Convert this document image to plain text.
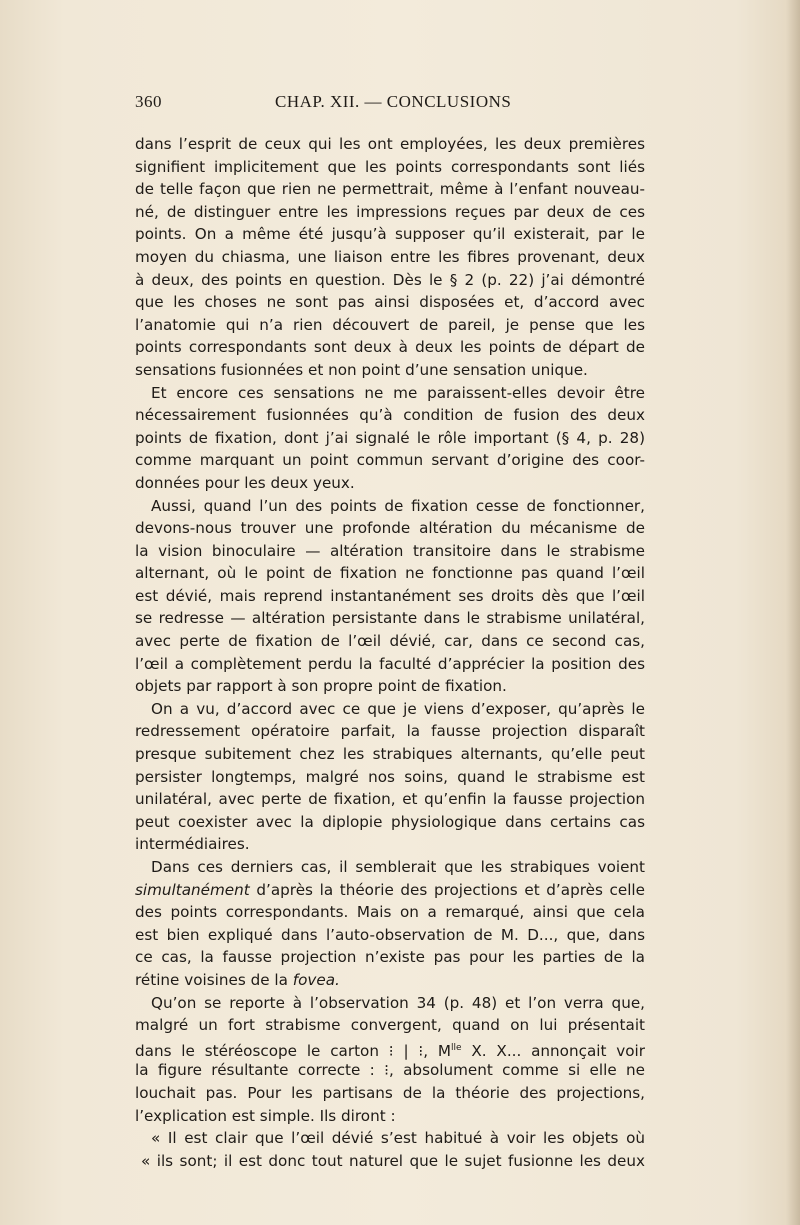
360	CHAP. XII. — CONCLUSIONS
dans l’esprit de ceux qui les ont employées, les deux premières
signifient implicitement que les points correspondants sont liés
de telle façon que rien ne permettrait, même à l’enfant nouveau-
né, de distinguer entre les impressions reçues par deux de ces
points. On a même été jusqu’à supposer qu’il existerait, par le
moyen du chiasma, une liaison entre les fibres provenant, deux
à deux, des points en question. Dès le § 2 (p. 22) j’ai démontré
que les choses ne sont pas ainsi disposées et, d’accord avec
l’anatomie qui n’a rien découvert de pareil, je pense que les
points correspondants sont deux à deux les points de départ de
sensations fusionnées et non point d’une sensation unique.
Et encore ces sensations ne me paraissent-elles devoir être
nécessairement fusionnées qu’à condition de fusion des deux
points de fixation, dont j’ai signalé le rôle important (§ 4, p. 28)
comme marquant un point commun servant d’origine des coor-
données pour les deux yeux.
Aussi, quand l’un des points de fixation cesse de fonctionner,
devons-nous trouver une profonde altération du mécanisme de
la vision binoculaire — altération transitoire dans le strabisme
alternant, où le point de fixation ne fonctionne pas quand l’œil
est dévié, mais reprend instantanément ses droits dès que l’œil
se redresse — altération persistante dans le strabisme unilatéral,
avec perte de fixation de l’œil dévié, car, dans ce second cas,
l’œil a complètement perdu la faculté d’apprécier la position des
objets par rapport à son propre point de fixation.
On a vu, d’accord avec ce que je viens d’exposer, qu’après le
redressement opératoire parfait, la fausse projection disparaît
presque subitement chez les strabiques alternants, qu’elle peut
persister longtemps, malgré nos soins, quand le strabisme est
unilatéral, avec perte de fixation, et qu’enfin la fausse projection
peut coexister avec la diplopie physiologique dans certains cas
intermédiaires.
Dans ces derniers cas, il semblerait que les strabiques voient
simultanément d’après la théorie des projections et d’après celle
des points correspondants. Mais on a remarqué, ainsi que cela
est bien expliqué dans l’auto-observation de M. D..., que, dans
ce cas, la fausse projection n’existe pas pour les parties de la
rétine voisines de la fovea.
Qu’on se reporte à l’observation 34 (p. 48) et l’on verra que,
malgré un fort strabisme convergent, quand on lui présentait
dans le stéréoscope le carton ⁝ | ⁝, $M^{lle}$ X. X... annonçait voir
la figure résultante correcte : ⁝, absolument comme si elle ne
louchait pas. Pour les partisans de la théorie des projections,
l’explication est simple. Ils diront :
« Il est clair que l’œil dévié s’est habitué à voir les objets où
« ils sont; il est donc tout naturel que le sujet fusionne les deux
